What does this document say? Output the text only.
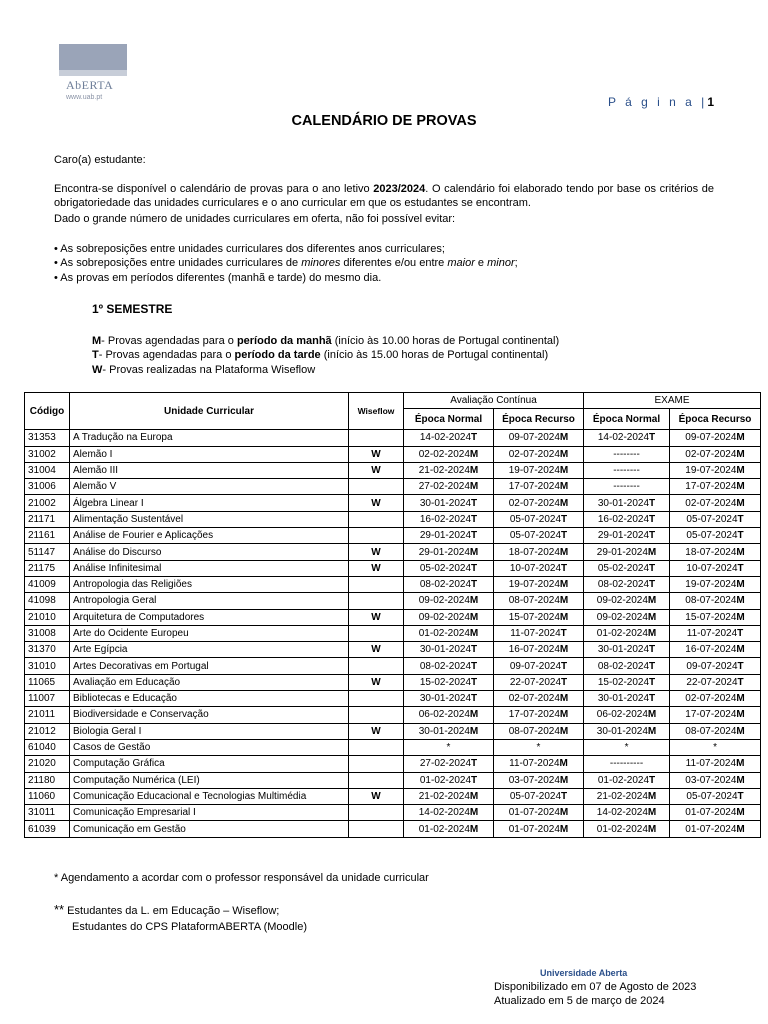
AbERTA
www.uab.pt	P á g i n a |1
CALENDÁRIO DE PROVAS
Caro(a) estudante:
Encontra-se disponível o calendário de provas para o ano letivo 2023/2024. O calendário foi elaborado tendo por base os critérios de obrigatoriedade das unidades curriculares e o ano curricular em que os estudantes se encontram.
Dado o grande número de unidades curriculares em oferta, não foi possível evitar:
• As sobreposições entre unidades curriculares dos diferentes anos curriculares;
• As sobreposições entre unidades curriculares de minores diferentes e/ou entre maior e minor;
• As provas em períodos diferentes (manhã e tarde) do mesmo dia.
1º SEMESTRE
M- Provas agendadas para o período da manhã (início às 10.00 horas de Portugal continental)
T- Provas agendadas para o período da tarde (início às 15.00 horas de Portugal continental)
W- Provas realizadas na Plataforma Wiseflow
Código	Unidade Curricular	Wiseflow	Avaliação Contínua		EXAME	
			Época Normal	Época Recurso	Época Normal	Época Recurso
31353	A Tradução na Europa		14-02-2024T	09-07-2024M	14-02-2024T	09-07-2024M
31002	Alemão I	W	02-02-2024M	02-07-2024M	--------	02-07-2024M
31004	Alemão III	W	21-02-2024M	19-07-2024M	--------	19-07-2024M
31006	Alemão V		27-02-2024M	17-07-2024M	--------	17-07-2024M
21002	Álgebra Linear I	W	30-01-2024T	02-07-2024M	30-01-2024T	02-07-2024M
21171	Alimentação Sustentável		16-02-2024T	05-07-2024T	16-02-2024T	05-07-2024T
21161	Análise de Fourier e Aplicações		29-01-2024T	05-07-2024T	29-01-2024T	05-07-2024T
51147	Análise do Discurso	W	29-01-2024M	18-07-2024M	29-01-2024M	18-07-2024M
21175	Análise Infinitesimal	W	05-02-2024T	10-07-2024T	05-02-2024T	10-07-2024T
41009	Antropologia das Religiões		08-02-2024T	19-07-2024M	08-02-2024T	19-07-2024M
41098	Antropologia Geral		09-02-2024M	08-07-2024M	09-02-2024M	08-07-2024M
21010	Arquitetura de Computadores	W	09-02-2024M	15-07-2024M	09-02-2024M	15-07-2024M
31008	Arte do Ocidente Europeu		01-02-2024M	11-07-2024T	01-02-2024M	11-07-2024T
31370	Arte Egípcia	W	30-01-2024T	16-07-2024M	30-01-2024T	16-07-2024M
31010	Artes Decorativas em Portugal		08-02-2024T	09-07-2024T	08-02-2024T	09-07-2024T
11065	Avaliação em Educação	W	15-02-2024T	22-07-2024T	15-02-2024T	22-07-2024T
11007	Bibliotecas e Educação		30-01-2024T	02-07-2024M	30-01-2024T	02-07-2024M
21011	Biodiversidade e Conservação		06-02-2024M	17-07-2024M	06-02-2024M	17-07-2024M
21012	Biologia Geral I	W	30-01-2024M	08-07-2024M	30-01-2024M	08-07-2024M
61040	Casos de Gestão		*	*	*	*
21020	Computação Gráfica		27-02-2024T	11-07-2024M	----------	11-07-2024M
21180	Computação Numérica (LEI)		01-02-2024T	03-07-2024M	01-02-2024T	03-07-2024M
11060	Comunicação Educacional e Tecnologias Multimédia	W	21-02-2024M	05-07-2024T	21-02-2024M	05-07-2024T
31011	Comunicação Empresarial I		14-02-2024M	01-07-2024M	14-02-2024M	01-07-2024M
61039	Comunicação em Gestão		01-02-2024M	01-07-2024M	01-02-2024M	01-07-2024M
* Agendamento a acordar com o professor responsável da unidade curricular
** Estudantes da L. em Educação – Wiseflow;
Estudantes do CPS PlataformABERTA (Moodle)
Universidade Aberta
Disponibilizado em 07 de Agosto de 2023
Atualizado em 5 de março de 2024
